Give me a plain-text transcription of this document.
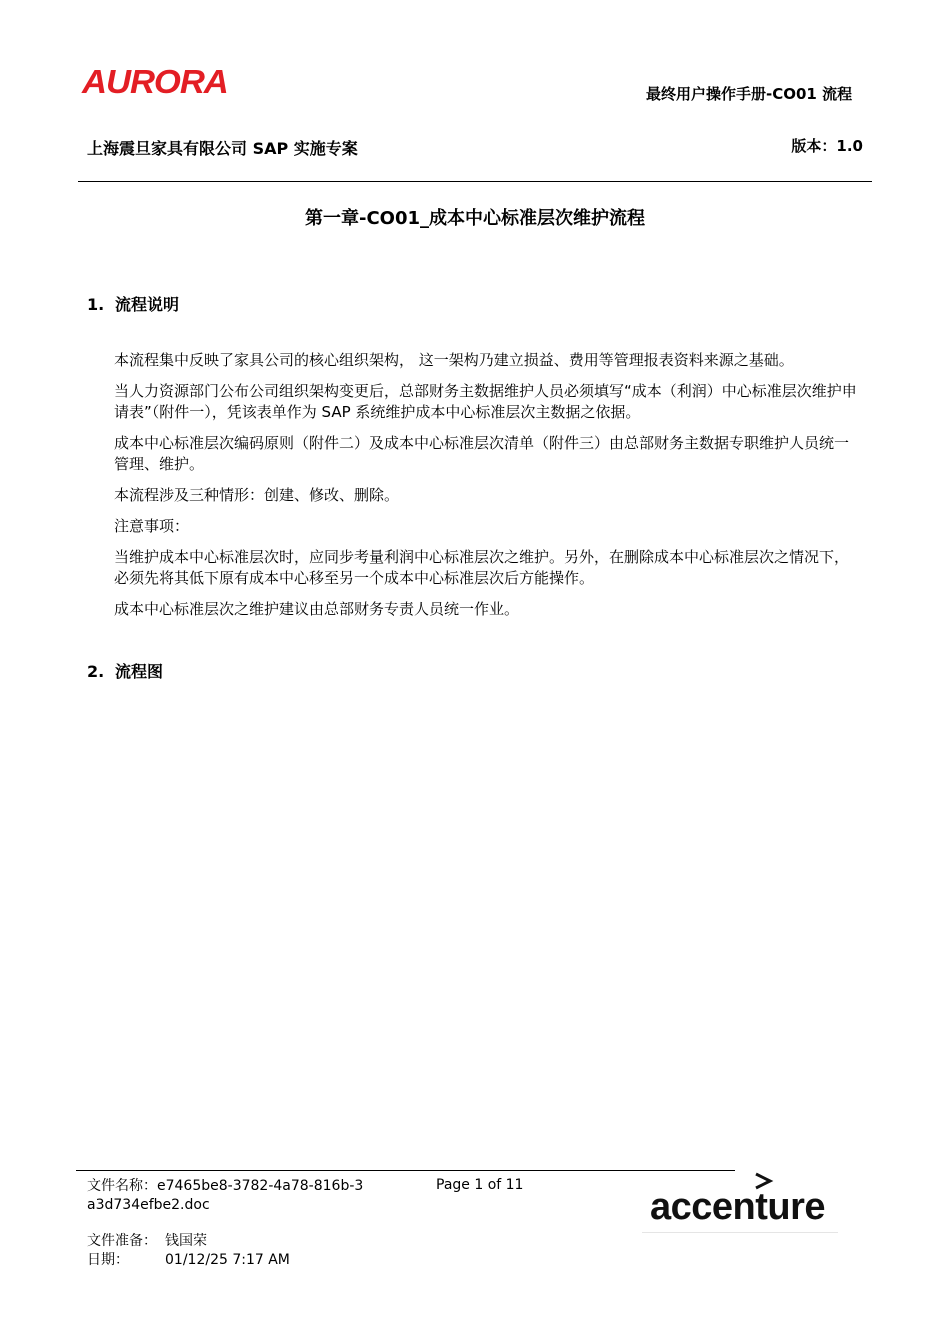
AURORA	最终用户操作手册-CO01 流程
上海震旦家具有限公司 SAP 实施专案	版本：1.0
第一章-CO01_成本中心标准层次维护流程
1. 流程说明

本流程集中反映了家具公司的核心组织架构， 这一架构乃建立损益、费用等管理报表资料来源之基础。

当人力资源部门公布公司组织架构变更后，总部财务主数据维护人员必须填写“成本（利润）中心标准层次维护申请表”（附件一），凭该表单作为 SAP 系统维护成本中心标准层次主数据之依据。

成本中心标准层次编码原则（附件二）及成本中心标准层次清单（附件三）由总部财务主数据专职维护人员统一管理、维护。

本流程涉及三种情形：创建、修改、删除。

注意事项：

当维护成本中心标准层次时，应同步考量利润中心标准层次之维护。另外，在删除成本中心标准层次之情况下，必须先将其低下原有成本中心移至另一个成本中心标准层次后方能操作。

成本中心标准层次之维护建议由总部财务专责人员统一作业。

2. 流程图
文件名称：e7465be8-3782-4a78-816b-3a3d734efbe2.doc
Page 1 of 11
文件准备： 钱国荣
日期：	01/12/25 7:17 AM
accenture
